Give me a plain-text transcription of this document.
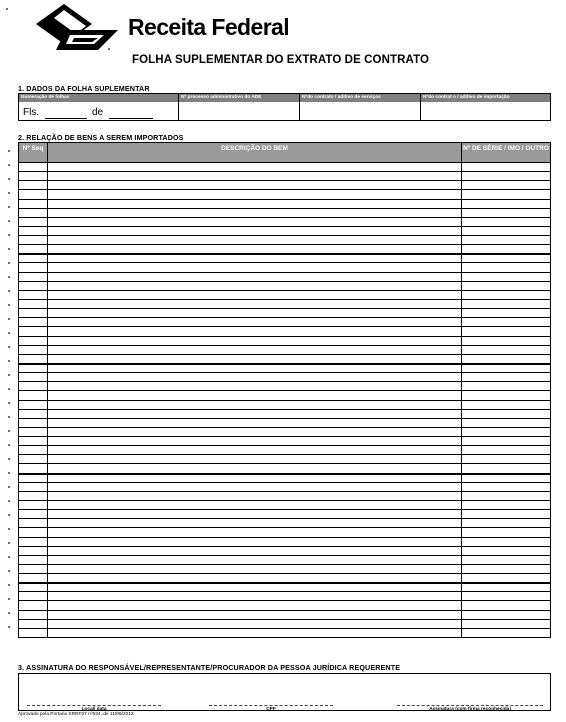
Receita Federal
FOLHA SUPLEMENTAR DO EXTRATO DE CONTRATO
1. DADOS DA FOLHA SUPLEMENTAR
Numeração de folhas	Nº processo administrativo do ADE	Nºdo contrato / aditivo de serviços	Nºdo contrat o / aditivo de importação
Fls.	de
2. RELAÇÃO DE BENS A SEREM IMPORTADOS
Nº Seq	DESCRIÇÃO DO BEM	Nº DE SÉRIE / IMO / OUTRO
3. ASSINATURA DO RESPONSÁVEL/REPRESENTANTE/PROCURADOR DA PESSOA JURÍDICA REQUERENTE
Local/ data	CPF	Assinatura (com firma reconhecida)
Aprovado pela Portaria SRRF07 nº634, de 11/09/2012
